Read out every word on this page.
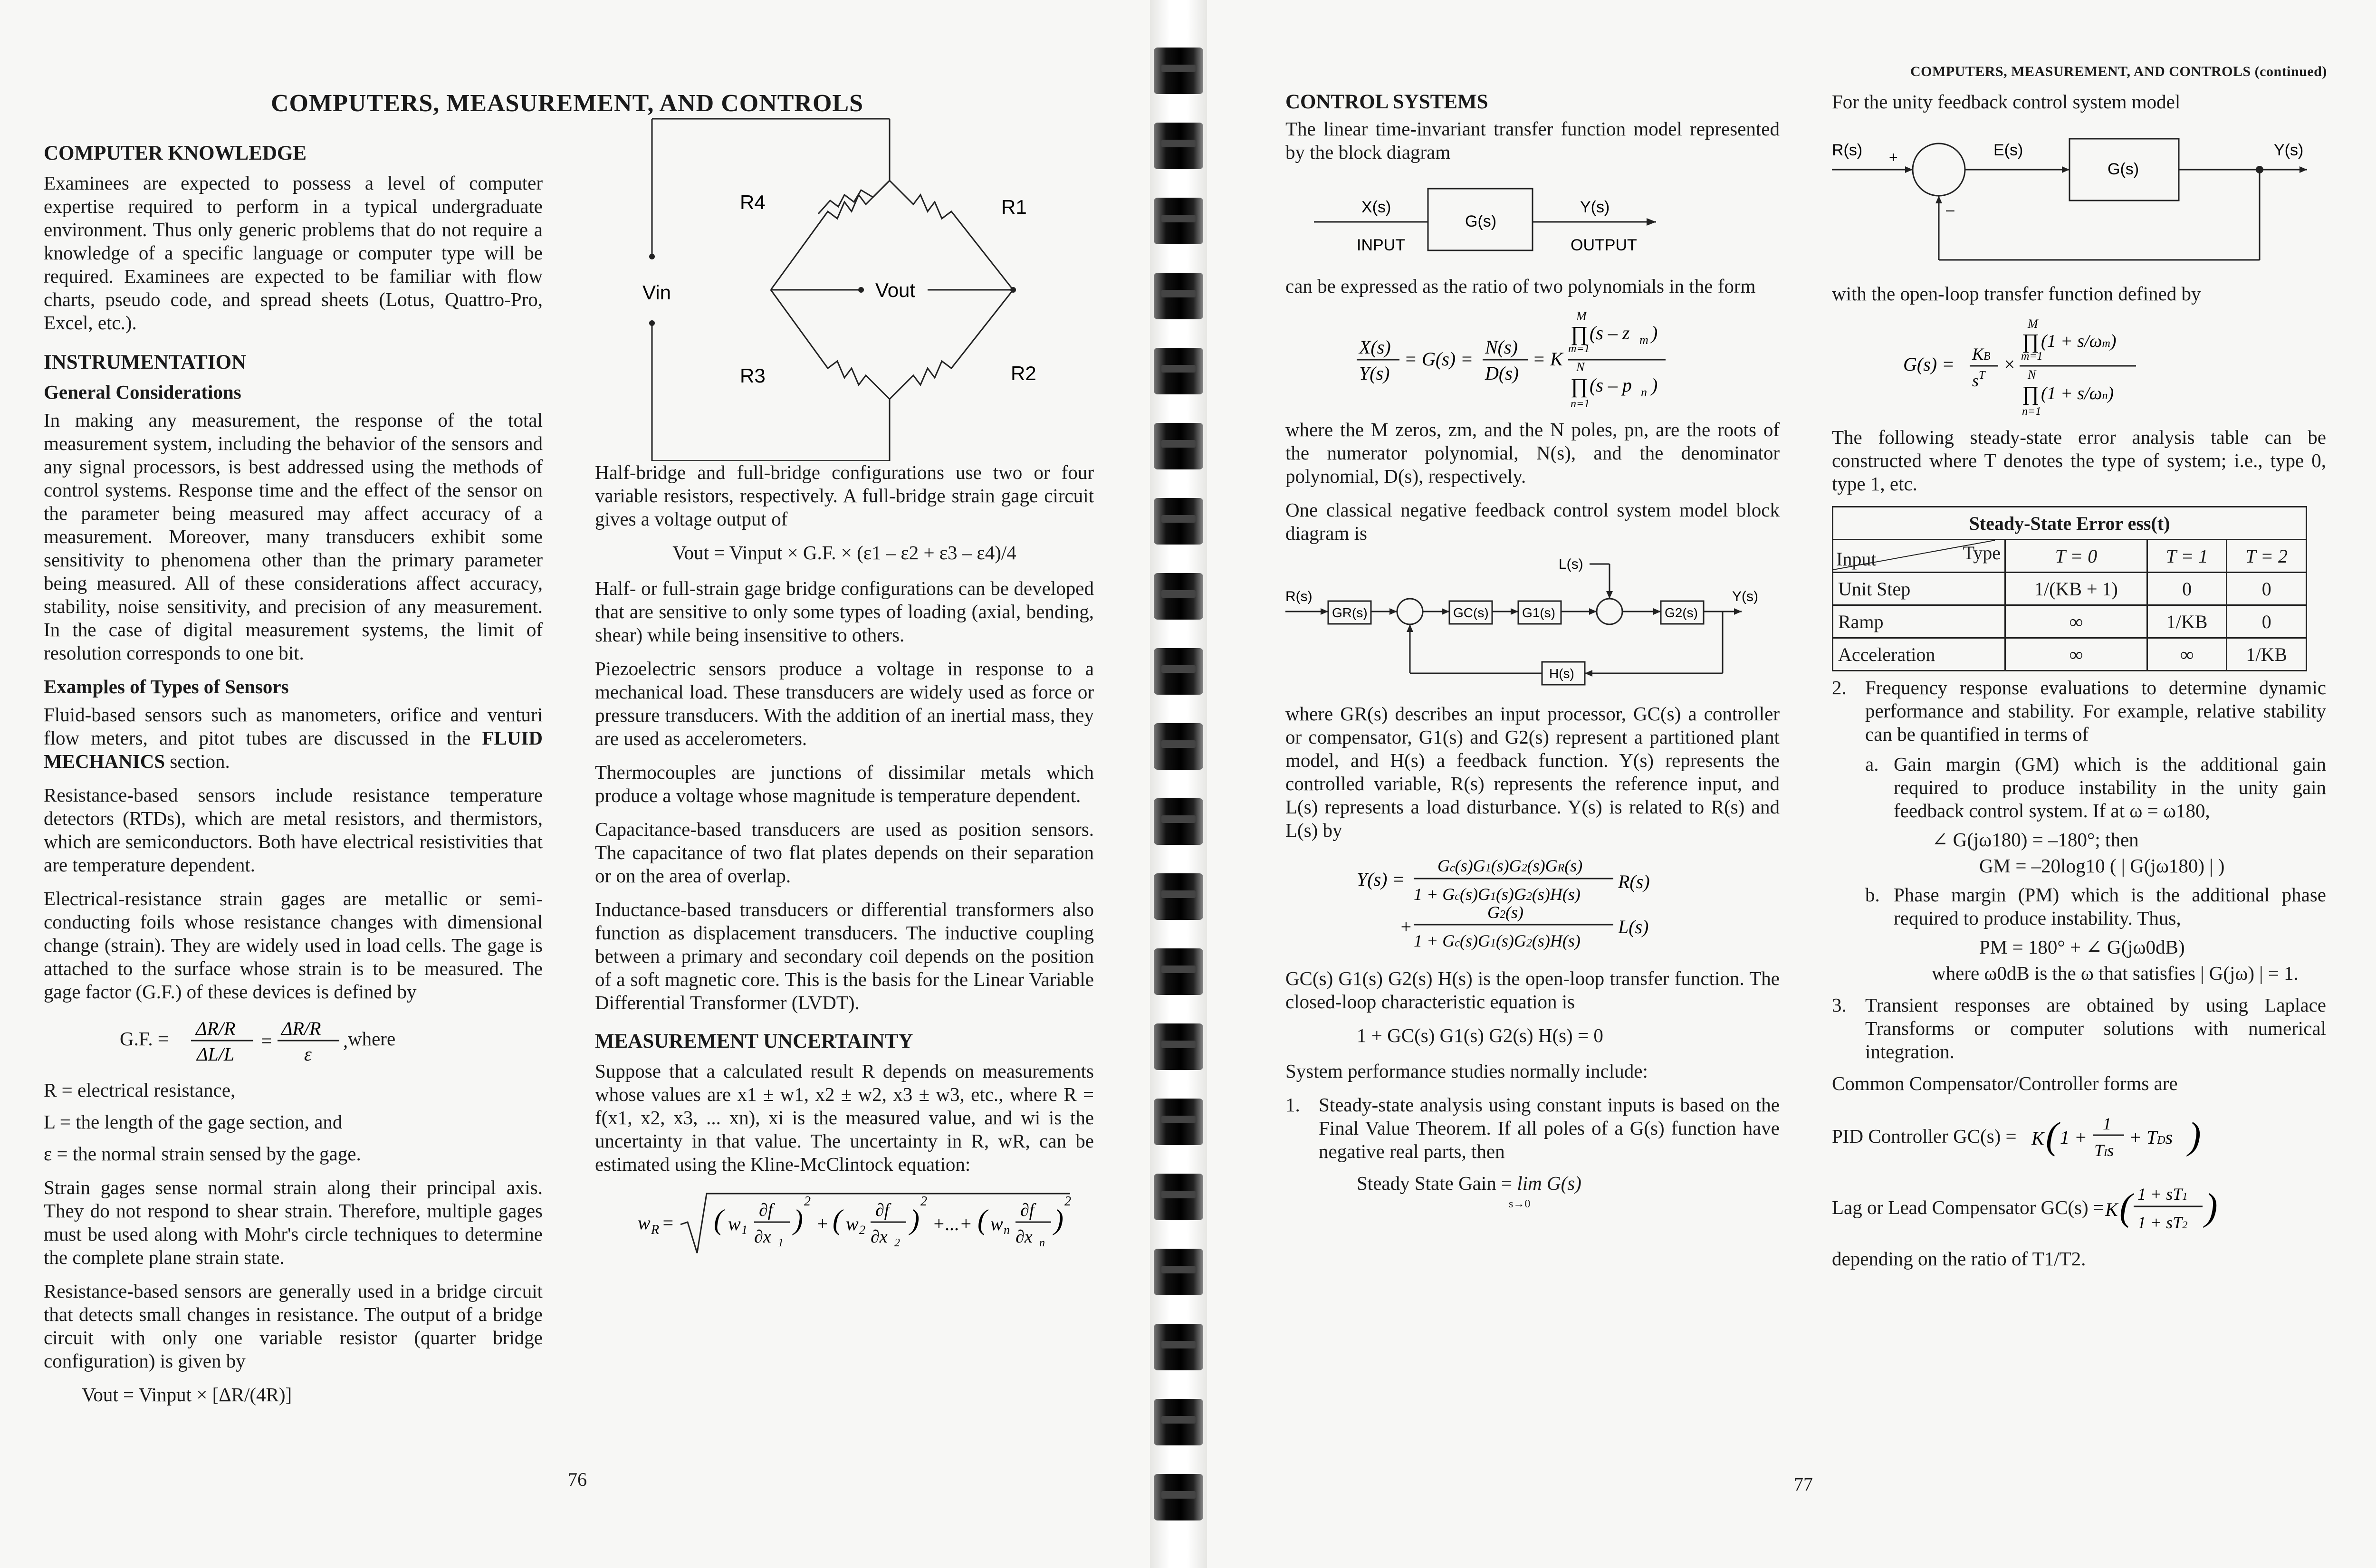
COMPUTERS, MEASUREMENT, AND CONTROLS
COMPUTER KNOWLEDGE

Examinees are expected to possess a level of computer expertise required to perform in a typical undergraduate environment. Thus only generic problems that do not require a knowledge of a specific language or computer type will be required. Examinees are expected to be familiar with flow charts, pseudo code, and spread sheets (Lotus, Quattro-Pro, Excel, etc.).

INSTRUMENTATION
General Considerations

In making any measurement, the response of the total measurement system, including the behavior of the sensors and any signal processors, is best addressed using the methods of control systems. Response time and the effect of the sensor on the parameter being measured may affect accuracy of a measurement. Moreover, many transducers exhibit some sensitivity to phenomena other than the primary parameter being measured. All of these considerations affect accuracy, stability, noise sensitivity, and precision of any measurement. In the case of digital measurement systems, the limit of resolution corresponds to one bit.

Examples of Types of Sensors

Fluid-based sensors such as manometers, orifice and venturi flow meters, and pitot tubes are discussed in the FLUID MECHANICS section.

Resistance-based sensors include resistance temperature detectors (RTDs), which are metal resistors, and thermistors, which are semiconductors. Both have electrical resistivities that are temperature dependent.

Electrical-resistance strain gages are metallic or semi-conducting foils whose resistance changes with dimensional change (strain). They are widely used in load cells. The gage is attached to the surface whose strain is to be measured. The gage factor (G.F.) of these devices is defined by

G.F. = ΔR/R
ΔL/L
=
ΔR/R
ε
, where
R = electrical resistance,
L = the length of the gage section, and
ε = the normal strain sensed by the gage.

Strain gages sense normal strain along their principal axis. They do not respond to shear strain. Therefore, multiple gages must be used along with Mohr's circle techniques to determine the complete plane strain state.

Resistance-based sensors are generally used in a bridge circuit that detects small changes in resistance. The output of a bridge circuit with only one variable resistor (quarter bridge configuration) is given by

Vout = Vinput × [ΔR/(4R)]
R4	R1
R3	R2
Vin	Vout

Half-bridge and full-bridge configurations use two or four variable resistors, respectively. A full-bridge strain gage circuit gives a voltage output of

Vout = Vinput × G.F. × (ε1 – ε2 + ε3 – ε4)/4

Half- or full-strain gage bridge configurations can be developed that are sensitive to only some types of loading (axial, bending, shear) while being insensitive to others.

Piezoelectric sensors produce a voltage in response to a mechanical load. These transducers are widely used as force or pressure transducers. With the addition of an inertial mass, they are used as accelerometers.

Thermocouples are junctions of dissimilar metals which produce a voltage whose magnitude is temperature dependent.

Capacitance-based transducers are used as position sensors. The capacitance of two flat plates depends on their separation or on the area of overlap.

Inductance-based transducers or differential transformers also function as displacement transducers. The inductive coupling between a primary and secondary coil depends on the position of a soft magnetic core. This is the basis for the Linear Variable Differential Transformer (LVDT).

MEASUREMENT UNCERTAINTY

Suppose that a calculated result R depends on measurements whose values are x1 ± w1, x2 ± w2, x3 ± w3, etc., where R = f(x1, x2, x3, ... xn), xi is the measured value, and wi is the uncertainty in that value. The uncertainty in R, wR, can be estimated using the Kline-McClintock equation:

w R = ( w 1
∂f
∂x 1
)
2
+ ( w 2
∂f
∂x 2
)
2
+...+ ( w n
∂f
∂x n
)
2
76
COMPUTERS, MEASUREMENT, AND CONTROLS (continued)
CONTROL SYSTEMS

The linear time-invariant transfer function model represented by the block diagram

X(s)
G(s)
Y(s)
INPUT	OUTPUT

can be expressed as the ratio of two polynomials in the form

X(s)
Y(s)
= G(s) =
N(s)
D(s)
= K
M
∏ (s – z m )
m=1
N
∏ (s – p n )
n=1

where the M zeros, zm, and the N poles, pn, are the roots of the numerator polynomial, N(s), and the denominator polynomial, D(s), respectively.

One classical negative feedback control system model block diagram is

L(s)
R(s)
GR(s)	GC(s)	G1(s)	G2(s)
Y(s)
H(s)

where GR(s) describes an input processor, GC(s) a controller or compensator, G1(s) and G2(s) represent a partitioned plant model, and H(s) a feedback function. Y(s) represents the controlled variable, R(s) represents the reference input, and L(s) represents a load disturbance. Y(s) is related to R(s) and L(s) by

Y(s) =
Gc(s)G1(s)G2(s)GR(s)
1 + Gc(s)G1(s)G2(s)H(s)
R(s)
+
G2(s)
1 + Gc(s)G1(s)G2(s)H(s)
L(s)

GC(s) G1(s) G2(s) H(s) is the open-loop transfer function. The closed-loop characteristic equation is

1 + GC(s) G1(s) G2(s) H(s) = 0

System performance studies normally include:

1. Steady-state analysis using constant inputs is based on the Final Value Theorem. If all poles of a G(s) function have negative real parts, then
Steady State Gain = lim G(s)
s→0

For the unity feedback control system model

R(s) +	E(s)
G(s)
Y(s)
–

with the open-loop transfer function defined by

G(s) = KB
$s^T$
×
M
∏ (1 + s/ωm)
m=1
N
∏ (1 + s/ωn)
n=1

The following steady-state error analysis table can be constructed where T denotes the type of system; i.e., type 0, type 1, etc.

Steady-State Error ess(t)			

Input Type	T = 0	T = 1	T = 2
Unit Step	1/(KB + 1)	0	0
Ramp	∞	1/KB	0
Acceleration	∞	∞	1/KB
2. Frequency response evaluations to determine dynamic performance and stability. For example, relative stability can be quantified in terms of
a. Gain margin (GM) which is the additional gain required to produce instability in the unity gain feedback control system. If at ω = ω180,
∠ G(jω180) = –180°; then
GM = –20log10 ( | G(jω180) | )
b. Phase margin (PM) which is the additional phase required to produce instability. Thus,
PM = 180° + ∠ G(jω0dB)
where ω0dB is the ω that satisfies | G(jω) | = 1.
3. Transient responses are obtained by using Laplace Transforms or computer solutions with numerical integration.

Common Compensator/Controller forms are

PID Controller GC(s) = K ( 1 +
1
TIs
+ TDs )
Lag or Lead Compensator GC(s) = K ( 1 + sT1
1 + sT2 )

depending on the ratio of T1/T2.

77
